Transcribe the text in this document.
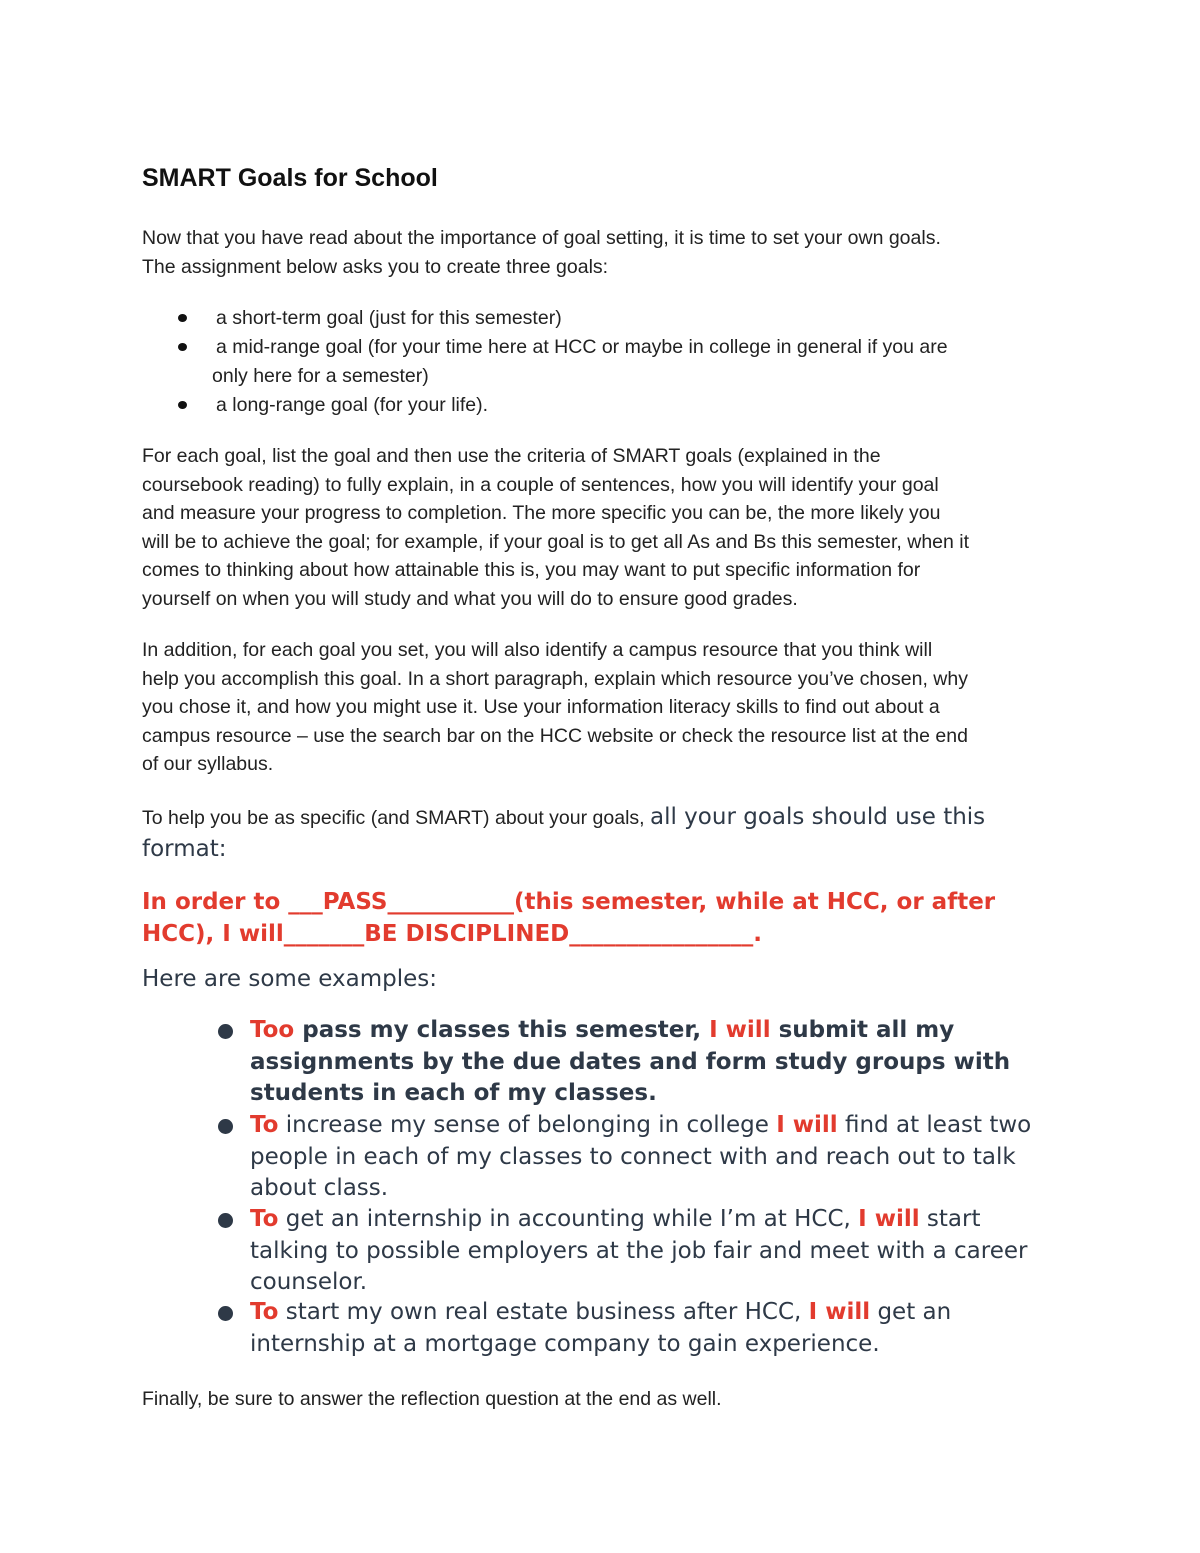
SMART Goals for School

Now that you have read about the importance of goal setting, it is time to set your own goals.
The assignment below asks you to create three goals:

a short-term goal (just for this semester)
a mid-range goal (for your time here at HCC or maybe in college in general if you are
only here for a semester)
a long-range goal (for your life).

For each goal, list the goal and then use the criteria of SMART goals (explained in the
coursebook reading) to fully explain, in a couple of sentences, how you will identify your goal
and measure your progress to completion. The more specific you can be, the more likely you
will be to achieve the goal; for example, if your goal is to get all As and Bs this semester, when it
comes to thinking about how attainable this is, you may want to put specific information for
yourself on when you will study and what you will do to ensure good grades.

In addition, for each goal you set, you will also identify a campus resource that you think will
help you accomplish this goal. In a short paragraph, explain which resource you’ve chosen, why
you chose it, and how you might use it. Use your information literacy skills to find out about a
campus resource – use the search bar on the HCC website or check the resource list at the end
of our syllabus.

To help you be as specific (and SMART) about your goals, all your goals should use this
format:

In order to ___PASS___________(this semester, while at HCC, or after
HCC), I will_______BE DISCIPLINED________________.

Here are some examples:

Too pass my classes this semester, I will submit all my
assignments by the due dates and form study groups with
students in each of my classes.

To increase my sense of belonging in college I will find at least two
people in each of my classes to connect with and reach out to talk
about class.

To get an internship in accounting while I’m at HCC, I will start
talking to possible employers at the job fair and meet with a career
counselor.

To start my own real estate business after HCC, I will get an
internship at a mortgage company to gain experience.

Finally, be sure to answer the reflection question at the end as well.
